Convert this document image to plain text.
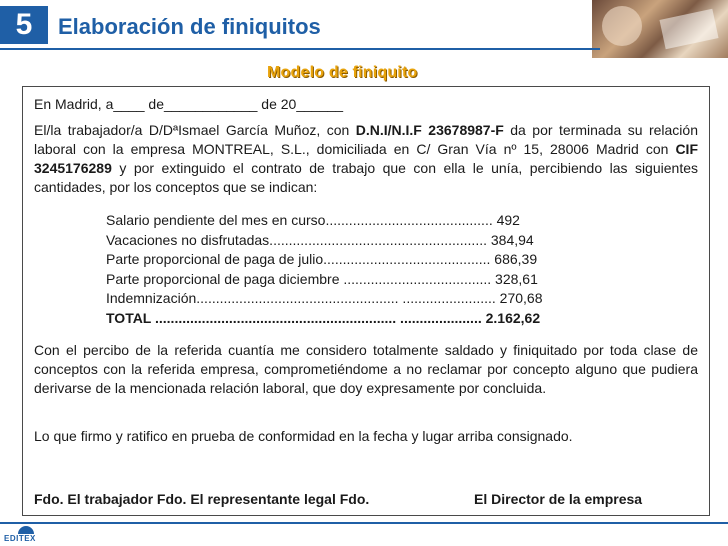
5 Elaboración de finiquitos
Modelo de finiquito
En Madrid, a____ de____________ de 20______
El/la trabajador/a D/DªIsmael García Muñoz, con D.N.I/N.I.F 23678987-F da por terminada su relación laboral con la empresa MONTREAL, S.L., domiciliada en C/ Gran Vía nº 15, 28006 Madrid con CIF 3245176289 y por extinguido el contrato de trabajo que con ella le unía, percibiendo las siguientes cantidades, por los conceptos que se indican:
Salario pendiente del mes en curso........................................... 492
Vacaciones no disfrutadas........................................................ 384,94
Parte proporcional de paga de julio........................................... 686,39
Parte proporcional de paga diciembre ...................................... 328,61
Indemnización.................................................... ........................ 270,68
TOTAL .............................................................. ..................... 2.162,62
Con el percibo de la referida cuantía me considero totalmente saldado y finiquitado por toda clase de conceptos con la referida empresa, comprometiéndome a no reclamar por concepto alguno que pudiera derivarse de la mencionada relación laboral, que doy expresamente por concluida.
Lo que firmo y ratifico en prueba de conformidad en la fecha y lugar arriba consignado.
Fdo. El trabajador Fdo. El representante legal Fdo.	El Director de la empresa
EDITEX
